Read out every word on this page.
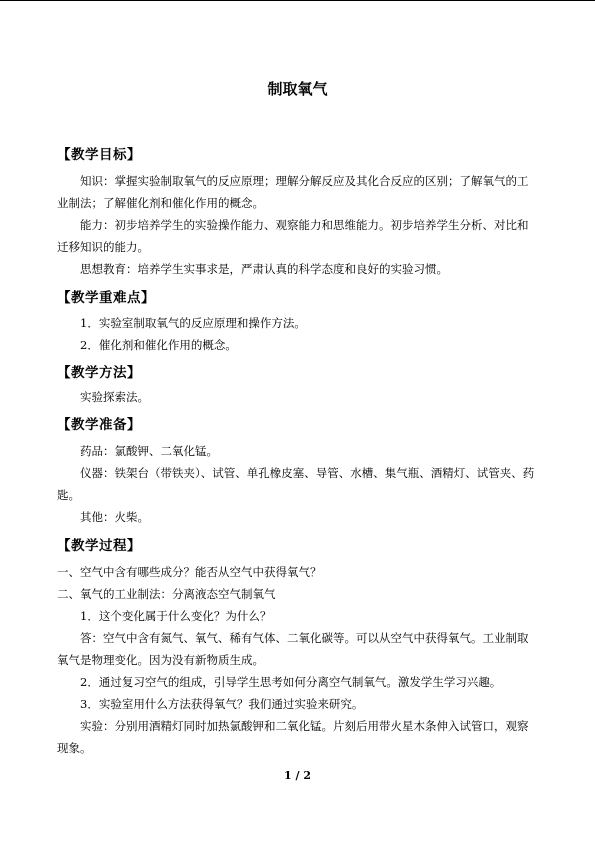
制取氧气
【教学目标】

知识：掌握实验制取氧气的反应原理；理解分解反应及其化合反应的区别；了解氧气的工业制法；了解催化剂和催化作用的概念。

能力：初步培养学生的实验操作能力、观察能力和思维能力。初步培养学生分析、对比和迁移知识的能力。

思想教育：培养学生实事求是，严肃认真的科学态度和良好的实验习惯。

【教学重难点】

1．实验室制取氧气的反应原理和操作方法。

2．催化剂和催化作用的概念。

【教学方法】

实验探索法。

【教学准备】

药品：氯酸钾、二氧化锰。

仪器：铁架台（带铁夹）、试管、单孔橡皮塞、导管、水槽、集气瓶、酒精灯、试管夹、药匙。

其他：火柴。

【教学过程】

一、空气中含有哪些成分？能否从空气中获得氧气？

二、氧气的工业制法：分离液态空气制氧气

1．这个变化属于什么变化？为什么？

答：空气中含有氮气、氧气、稀有气体、二氧化碳等。可以从空气中获得氧气。工业制取氧气是物理变化。因为没有新物质生成。

2．通过复习空气的组成，引导学生思考如何分离空气制氧气。激发学生学习兴趣。

3．实验室用什么方法获得氧气？我们通过实验来研究。

实验：分别用酒精灯同时加热氯酸钾和二氧化锰。片刻后用带火星木条伸入试管口，观察现象。

1 / 2
